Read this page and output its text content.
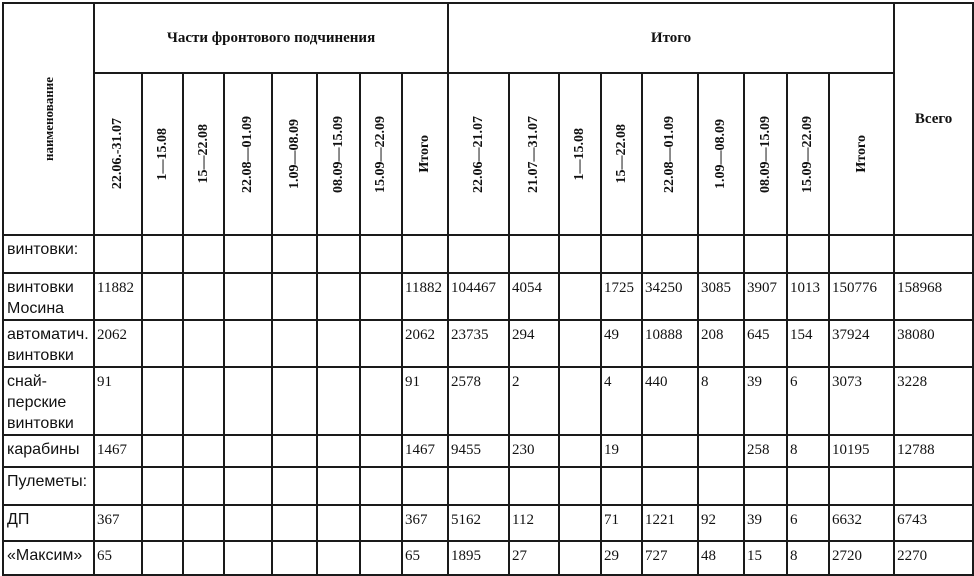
наименование	Части фронтового подчинения								Итого									Всего

	22.06.-31.07	1—15.08	15—22.08	22.08—01.09	1.09—08.09	08.09—15.09	15.09—22.09	Итого	22.06—21.07	21.07—31.07	1—15.08	15—22.08	22.08—01.09	1.09—08.09	08.09—15.09	15.09—22.09	Итого	

винтовки:																		
винтовки Мосина	11882							11882	104467	4054		1725	34250	3085	3907	1013	150776	158968
автоматич. винтовки	2062							2062	23735	294		49	10888	208	645	154	37924	38080
снай-перские винтовки	91							91	2578	2		4	440	8	39	6	3073	3228
карабины	1467							1467	9455	230		19			258	8	10195	12788
Пулеметы:																		
ДП	367							367	5162	112		71	1221	92	39	6	6632	6743
«Максим»	65							65	1895	27		29	727	48	15	8	2720	2270
